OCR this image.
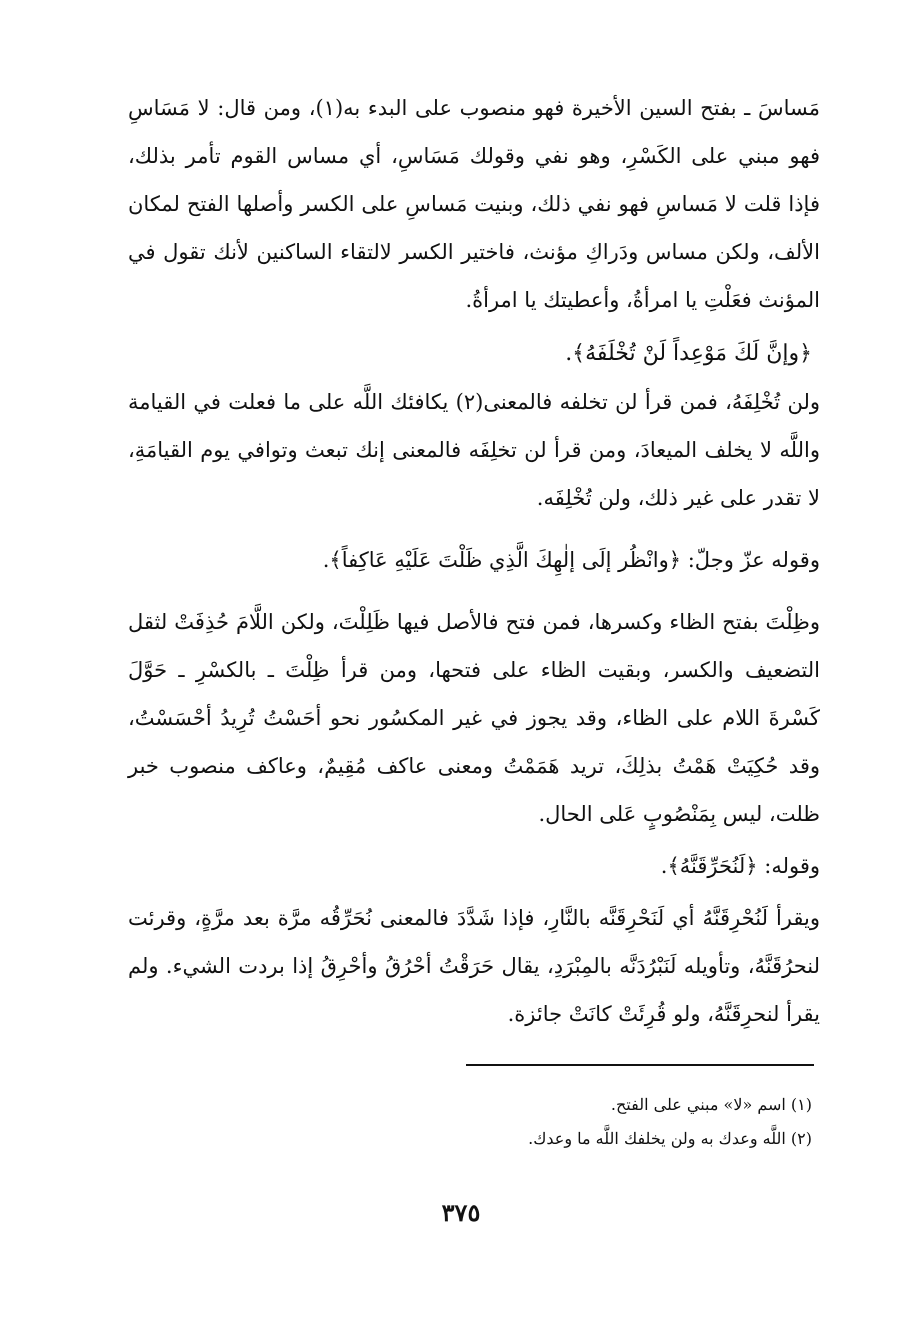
مَساسَ ـ بفتح السين الأخيرة فهو منصوب على البدء به(١)، ومن قال: لا مَسَاسِ فهو مبني على الكَسْرِ، وهو نفي وقولك مَسَاسِ، أي مساس القوم تأمر بذلك، فإذا قلت لا مَساسِ فهو نفي ذلك، وبنيت مَساسِ على الكسر وأصلها الفتح لمكان الألف، ولكن مساس ودَراكِ مؤنث، فاختير الكسر لالتقاء الساكنين لأنك تقول في المؤنث فعَلْتِ يا امرأةُ، وأعطيتك يا امرأةُ.

﴿وإنَّ لَكَ مَوْعِداً لَنْ تُخْلَفَهُ﴾.

ولن تُخْلِفَهُ، فمن قرأ لن تخلفه فالمعنى(٢) يكافئك اللَّه على ما فعلت في القيامة واللَّه لا يخلف الميعادَ، ومن قرأ لن تخلِفَه فالمعنى إنك تبعث وتوافي يوم القيامَةِ، لا تقدر على غير ذلك، ولن تُخْلِفَه.

وقوله عزّ وجلّ: ﴿وانْظُر إلَى إلٰهِكَ الَّذِي ظَلْتَ عَلَيْهِ عَاكِفاً﴾.

وظِلْتَ بفتح الظاء وكسرها، فمن فتح فالأصل فيها ظَلِلْتَ، ولكن اللَّامَ حُذِفَتْ لثقل التضعيف والكسر، وبقيت الظاء على فتحها، ومن قرأ ظِلْتَ ـ بالكسْرِ ـ حَوَّلَ كَسْرةَ اللام على الظاء، وقد يجوز في غير المكسُور نحو أحَسْتُ تُرِيدُ أحْسَسْتُ، وقد حُكِيَتْ هَمْتُ بذلِكَ، تريد هَمَمْتُ ومعنى عاكف مُقِيمٌ، وعاكف منصوب خبر ظلت، ليس بِمَنْصُوبٍ عَلى الحال.

وقوله: ﴿لَنُحَرِّقَنَّهُ﴾.

ويقرأ لَنُحْرِقَنَّهُ أي لَنَحْرِقَنَّه بالنَّارِ، فإذا شَدَّدَ فالمعنى نُحَرِّقُه مرَّة بعد مرَّةٍ، وقرئت لنحرُقَنَّهُ، وتأويله لَنَبْرُدَنَّه بالمِبْرَدِ، يقال حَرَقْتُ أحْرُقُ وأحْرِقُ إذا بردت الشيء. ولم يقرأ لنحرِقَنَّهُ، ولو قُرِئَتْ كانَتْ جائزة.

(١) اسم «لا» مبني على الفتح.
(٢) اللَّه وعدك به ولن يخلفك اللَّه ما وعدك.
٣٧٥
